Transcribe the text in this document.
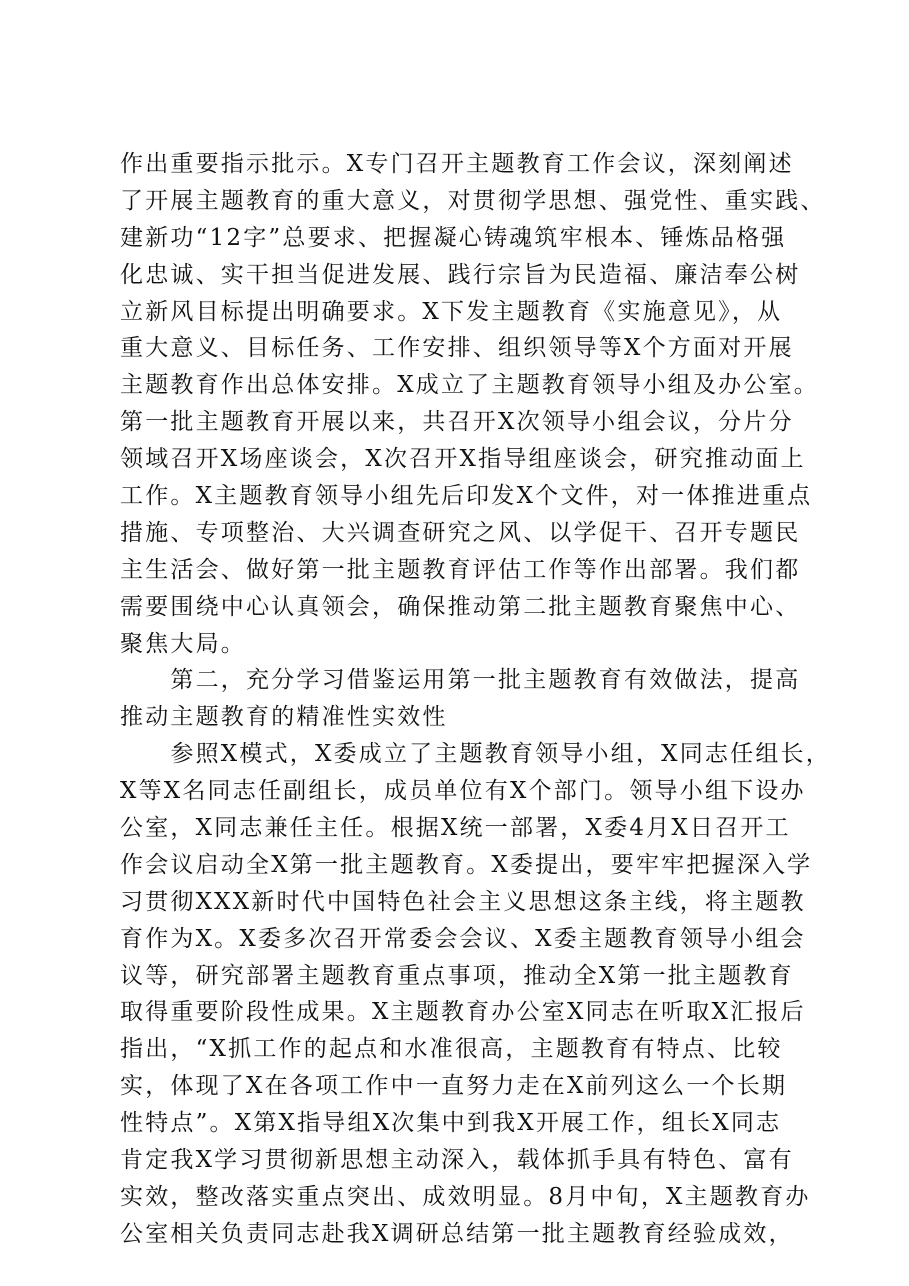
作出重要指示批示。X专门召开主题教育工作会议，深刻阐述
了开展主题教育的重大意义，对贯彻学思想、强党性、重实践、
建新功“12字”总要求、把握凝心铸魂筑牢根本、锤炼品格强
化忠诚、实干担当促进发展、践行宗旨为民造福、廉洁奉公树
立新风目标提出明确要求。X下发主题教育《实施意见》，从
重大意义、目标任务、工作安排、组织领导等X个方面对开展
主题教育作出总体安排。X成立了主题教育领导小组及办公室。
第一批主题教育开展以来，共召开X次领导小组会议，分片分
领域召开X场座谈会，X次召开X指导组座谈会，研究推动面上
工作。X主题教育领导小组先后印发X个文件，对一体推进重点
措施、专项整治、大兴调查研究之风、以学促干、召开专题民
主生活会、做好第一批主题教育评估工作等作出部署。我们都
需要围绕中心认真领会，确保推动第二批主题教育聚焦中心、
聚焦大局。
　　第二，充分学习借鉴运用第一批主题教育有效做法，提高
推动主题教育的精准性实效性
　　参照X模式，X委成立了主题教育领导小组，X同志任组长，
X等X名同志任副组长，成员单位有X个部门。领导小组下设办
公室，X同志兼任主任。根据X统一部署，X委4月X日召开工
作会议启动全X第一批主题教育。X委提出，要牢牢把握深入学
习贯彻XXX新时代中国特色社会主义思想这条主线，将主题教
育作为X。X委多次召开常委会会议、X委主题教育领导小组会
议等，研究部署主题教育重点事项，推动全X第一批主题教育
取得重要阶段性成果。X主题教育办公室X同志在听取X汇报后
指出，“X抓工作的起点和水准很高，主题教育有特点、比较
实，体现了X在各项工作中一直努力走在X前列这么一个长期
性特点”。X第X指导组X次集中到我X开展工作，组长X同志
肯定我X学习贯彻新思想主动深入，载体抓手具有特色、富有
实效，整改落实重点突出、成效明显。8月中旬，X主题教育办
公室相关负责同志赴我X调研总结第一批主题教育经验成效，
